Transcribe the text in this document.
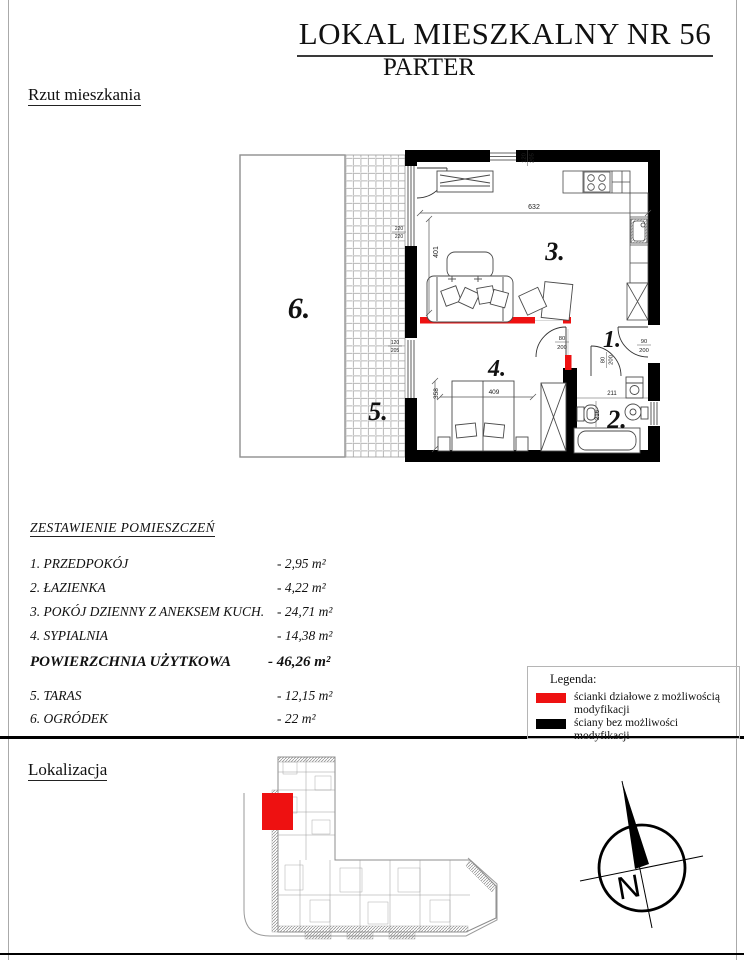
LOKAL MIESZKALNY NR 56
PARTER
Rzut mieszkania
Lokalizacja
632
401
358	409	211
216
90
200
80
200
80 200
120 205
220
220
120
205	1.
2.
3.
4.
5.
6.
ZESTAWIENIE POMIESZCZEŃ
1. PRZEDPOKÓJ	- 2,95 m²
2. ŁAZIENKA	- 4,22 m²
3. POKÓJ DZIENNY Z ANEKSEM KUCH. - 24,71 m²
4. SYPIALNIA	- 14,38 m²
POWIERZCHNIA UŻYTKOWA - 46,26 m²
5. TARAS	- 12,15 m²
6. OGRÓDEK	- 22 m²
Legenda:
ścianki działowe z możliwością modyfikacji
ściany bez możliwości modyfikacji
N
